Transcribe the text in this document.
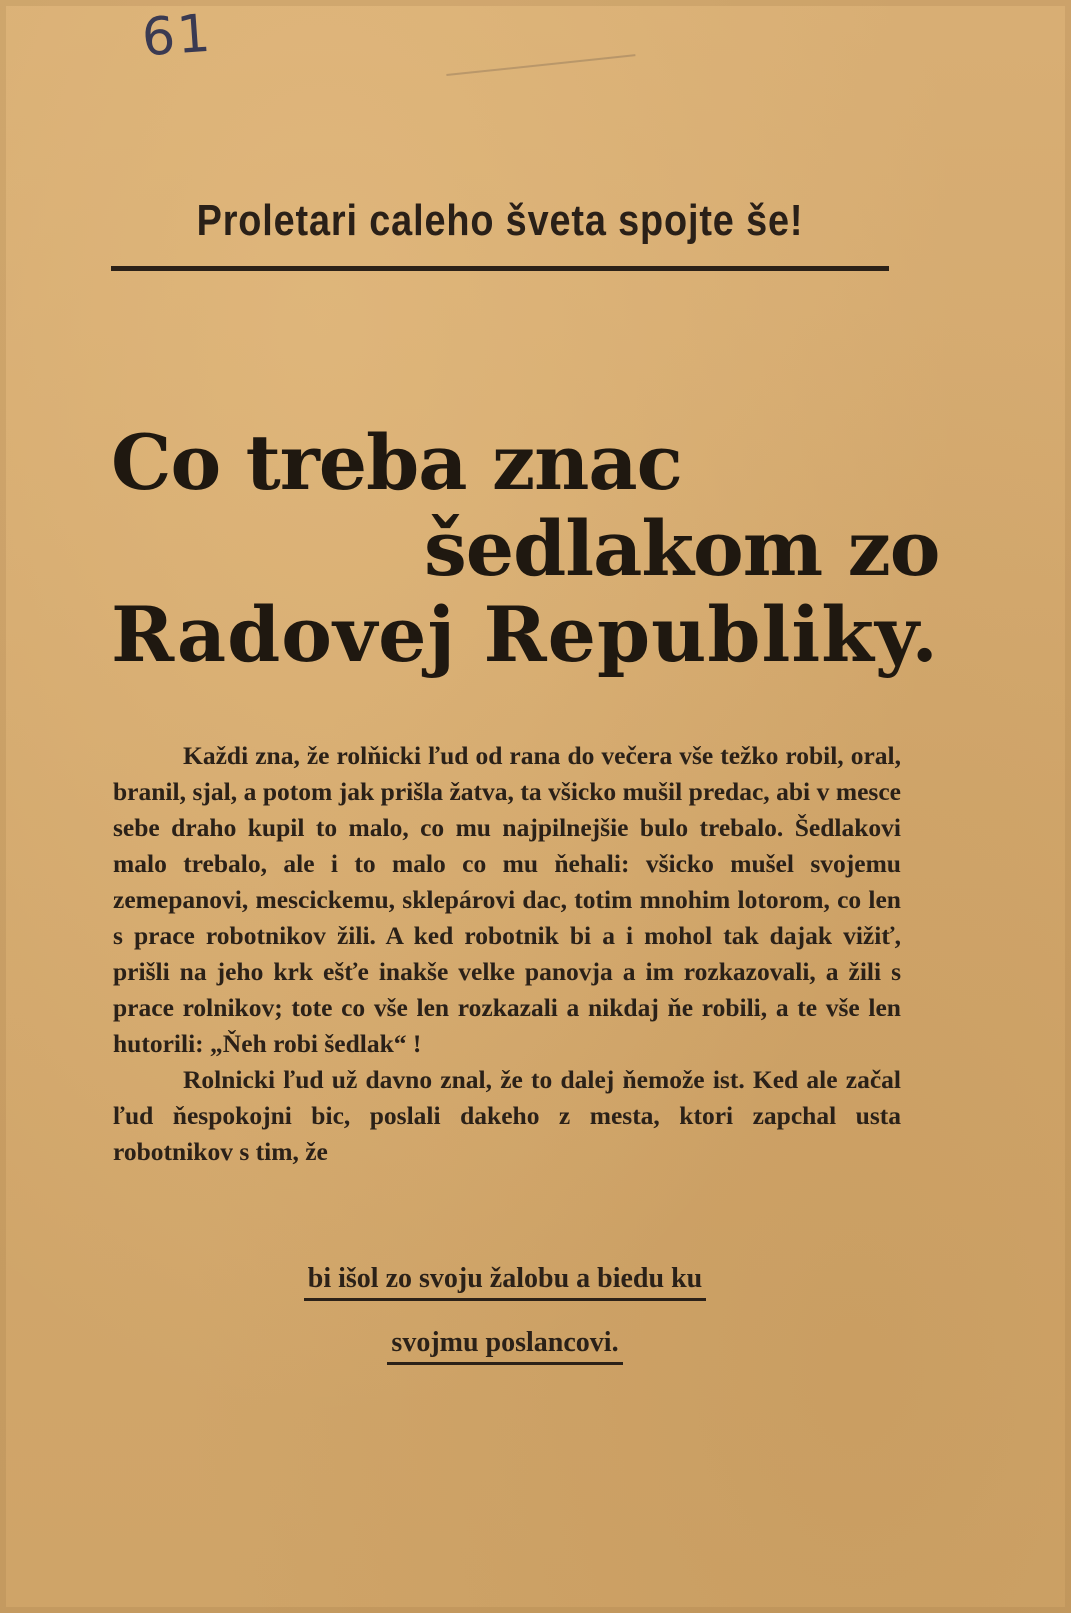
61
Proletari caleho šveta spojte še!
Co treba znac
šedlakom zo
Radovej Republiky.

Každi zna, že rolňicki ľud od rana do večera vše težko robil, oral, branil, sjal, a potom jak prišla žatva, ta všicko mušil predac, abi v mesce sebe draho kupil to malo, co mu najpilnejšie bulo trebalo. Šedlakovi malo trebalo, ale i to malo co mu ňehali: všicko mušel svojemu zemepanovi, mescickemu, sklepárovi dac, totim mnohim lotorom, co len s prace robotnikov žili. A ked robotnik bi a i mohol tak dajak vižiť, prišli na jeho krk ešťe inakše velke panovja a im rozkazovali, a žili s prace rolnikov; tote co vše len rozkazali a nikdaj ňe robili, a te vše len hutorili: „Ňeh robi šedlak“ !

Rolnicki ľud už davno znal, že to dalej ňemože ist. Ked ale začal ľud ňespokojni bic, poslali dakeho z mesta, ktori zapchal usta robotnikov s tim, že

bi išol zo svoju žalobu a biedu ku
svojmu poslancovi.
